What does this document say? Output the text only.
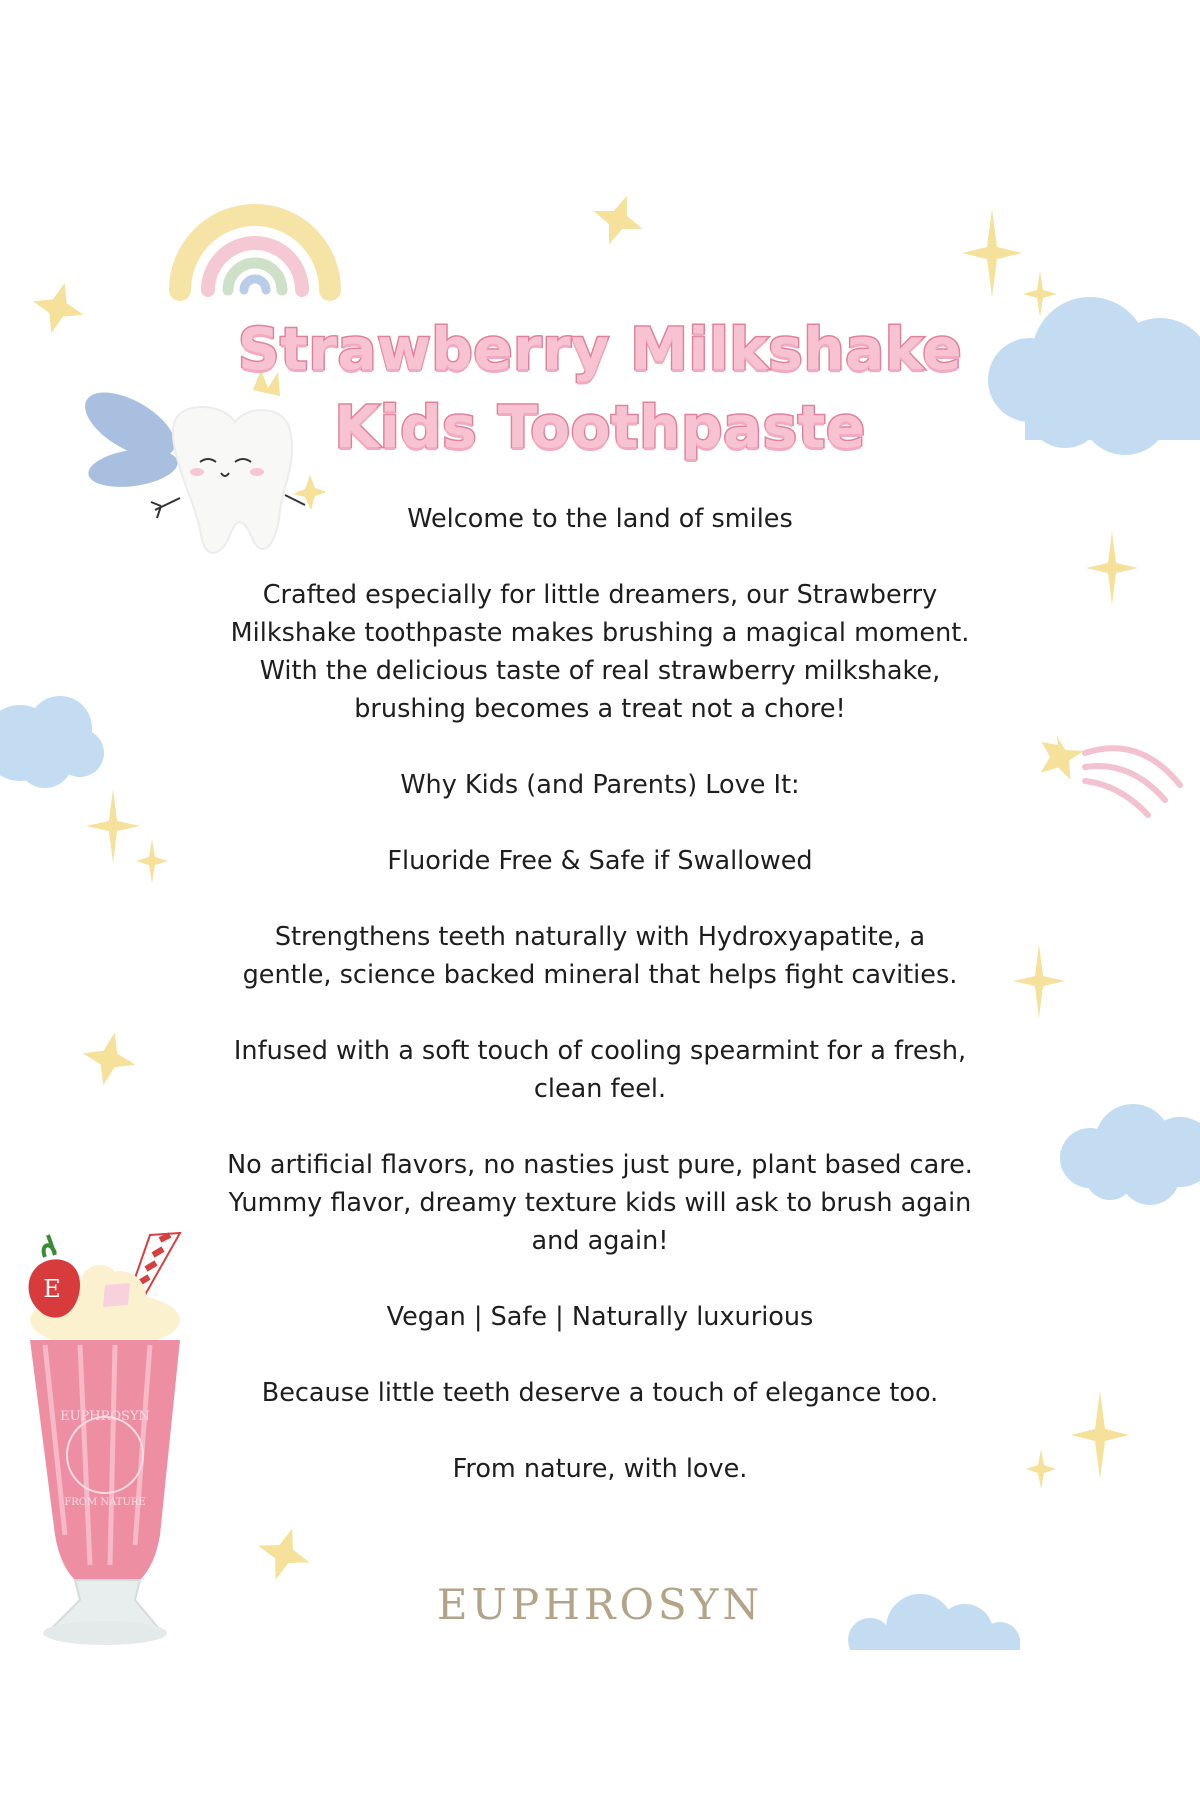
E
EUPHROSYN
FROM NATURE
Strawberry Milkshake
Kids Toothpaste

Welcome to the land of smiles

Crafted especially for little dreamers, our Strawberry
Milkshake toothpaste makes brushing a magical moment.
With the delicious taste of real strawberry milkshake,
brushing becomes a treat not a chore!

Why Kids (and Parents) Love It:

Fluoride Free & Safe if Swallowed

Strengthens teeth naturally with Hydroxyapatite, a
gentle, science backed mineral that helps fight cavities.

Infused with a soft touch of cooling spearmint for a fresh,
clean feel.

No artificial flavors, no nasties just pure, plant based care.
Yummy flavor, dreamy texture kids will ask to brush again
and again!

Vegan | Safe | Naturally luxurious

Because little teeth deserve a touch of elegance too.

From nature, with love.

EUPHROSYN
